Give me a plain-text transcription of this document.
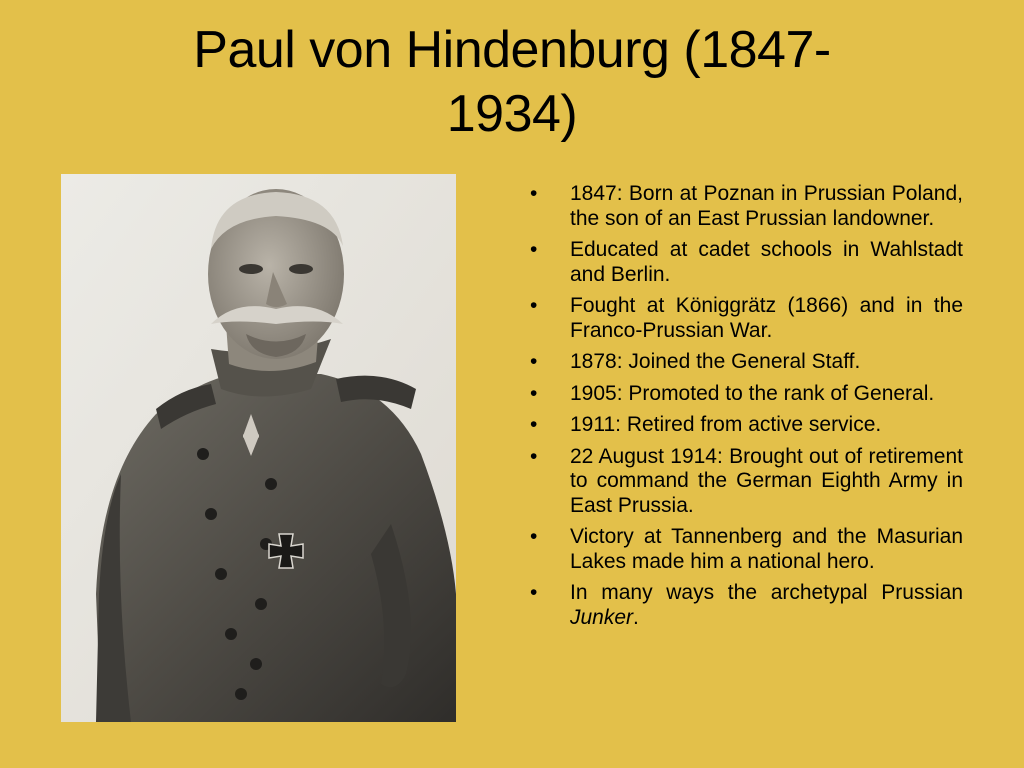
Paul von Hindenburg (1847-
1934)
• 1847: Born at Poznan in Prussian Poland, the son of an East Prussian landowner.
• Educated at cadet schools in Wahlstadt and Berlin.
• Fought at Königgrätz (1866) and in the Franco-Prussian War.
• 1878: Joined the General Staff.
• 1905: Promoted to the rank of General.
• 1911: Retired from active service.
• 22 August 1914: Brought out of retirement to command the German Eighth Army in East Prussia.
• Victory at Tannenberg and the Masurian Lakes made him a national hero.
• In many ways the archetypal Prussian Junker.
